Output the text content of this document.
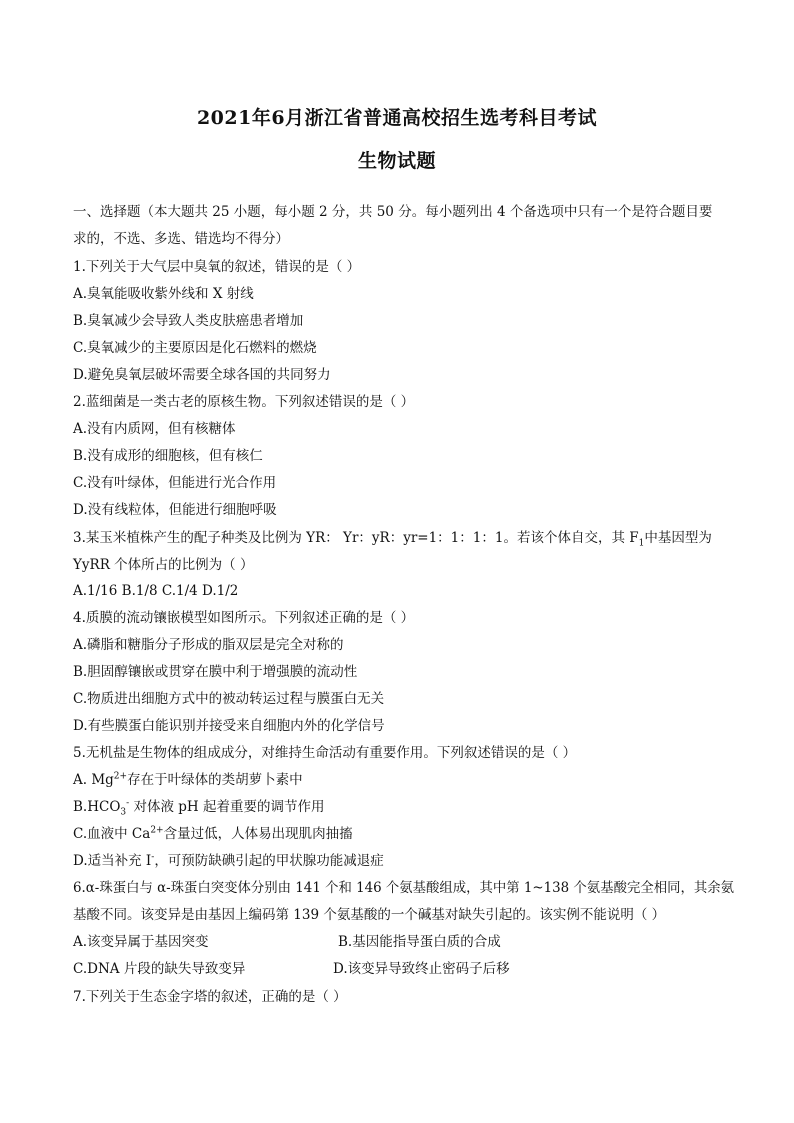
2021年6月浙江省普通高校招生选考科目考试
生物试题
一、选择题（本大题共 25 小题，每小题 2 分，共 50 分。每小题列出 4 个备选项中只有一个是符合题目要
求的，不选、多选、错选均不得分）
1.下列关于大气层中臭氧的叙述，错误的是（ ）
A.臭氧能吸收紫外线和 X 射线
B.臭氧减少会导致人类皮肤癌患者增加
C.臭氧减少的主要原因是化石燃料的燃烧
D.避免臭氧层破坏需要全球各国的共同努力
2.蓝细菌是一类古老的原核生物。下列叙述错误的是（ ）
A.没有内质网，但有核糖体
B.没有成形的细胞核，但有核仁
C.没有叶绿体，但能进行光合作用
D.没有线粒体，但能进行细胞呼吸
3.某玉米植株产生的配子种类及比例为 YR： Yr：yR：yr=1：1：1：1。若该个体自交，其 $F_1$中基因型为
YyRR 个体所占的比例为（ ）
A.1/16 B.1/8 C.1/4 D.1/2
4.质膜的流动镶嵌模型如图所示。下列叙述正确的是（ ）
A.磷脂和糖脂分子形成的脂双层是完全对称的
B.胆固醇镶嵌或贯穿在膜中利于增强膜的流动性
C.物质进出细胞方式中的被动转运过程与膜蛋白无关
D.有些膜蛋白能识别并接受来自细胞内外的化学信号
5.无机盐是生物体的组成成分，对维持生命活动有重要作用。下列叙述错误的是（ ）
A. $Mg^{2+}$存在于叶绿体的类胡萝卜素中
$B.HCO_3^-$ 对体液 pH 起着重要的调节作用
C.血液中 $Ca^{2+}$含量过低，人体易出现肌肉抽搐
D.适当补充 I-，可预防缺碘引起的甲状腺功能减退症
6.α-珠蛋白与 α-珠蛋白突变体分别由 141 个和 146 个氨基酸组成，其中第 1~138 个氨基酸完全相同，其余氨
基酸不同。该变异是由基因上编码第 139 个氨基酸的一个碱基对缺失引起的。该实例不能说明（ ）
A.该变异属于基因突变	B.基因能指导蛋白质的合成
C.DNA 片段的缺失导致变异	D.该变异导致终止密码子后移
7.下列关于生态金字塔的叙述，正确的是（ ）
